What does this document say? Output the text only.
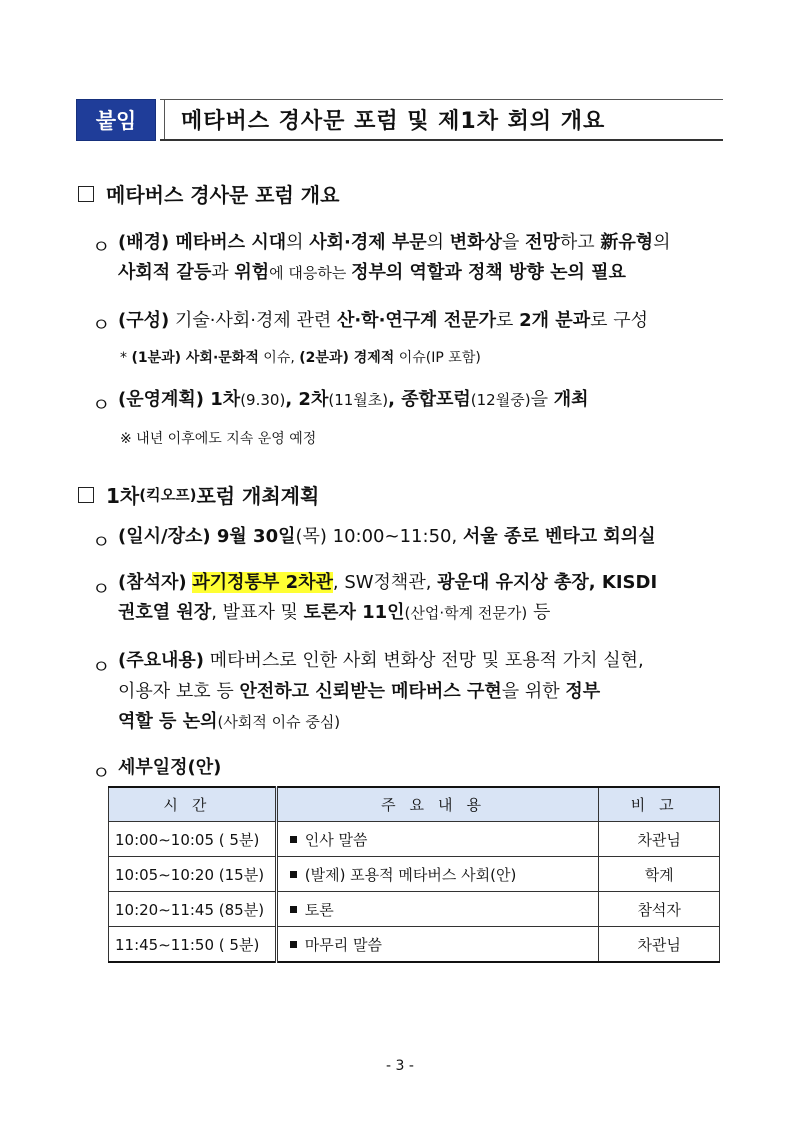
붙임	메타버스 경사문 포럼 및 제1차 회의 개요
메타버스 경사문 포럼 개요
ㅇ (배경) 메타버스 시대의 사회·경제 부문의 변화상을 전망하고 新유형의
사회적 갈등과 위험에 대응하는 정부의 역할과 정책 방향 논의 필요
ㅇ (구성) 기술·사회·경제 관련 산·학·연구계 전문가로 2개 분과로 구성
* (1분과) 사회·문화적 이슈, (2분과) 경제적 이슈(IP 포함)
ㅇ (운영계획) 1차(9.30), 2차(11월초), 종합포럼(12월중)을 개최
※ 내년 이후에도 지속 운영 예정
1차 (킥오프) 포럼 개최계획
ㅇ (일시/장소) 9월 30일(목) 10:00~11:50, 서울 종로 벤타고 회의실
ㅇ (참석자) 과기정통부 2차관, SW정책관, 광운대 유지상 총장, KISDI
권호열 원장, 발표자 및 토론자 11인(산업·학계 전문가) 등
ㅇ (주요내용) 메타버스로 인한 사회 변화상 전망 및 포용적 가치 실현,
이용자 보호 등 안전하고 신뢰받는 메타버스 구현을 위한 정부
역할 등 논의(사회적 이슈 중심)
ㅇ 세부일정(안)
시간	주요내용	비고
10:00∼10:05 ( 5분)	인사 말씀	차관님
10:05∼10:20 (15분)	(발제) 포용적 메타버스 사회(안)	학계
10:20∼11:45 (85분)	토론	참석자
11:45∼11:50 ( 5분)	마무리 말씀	차관님
- 3 -
